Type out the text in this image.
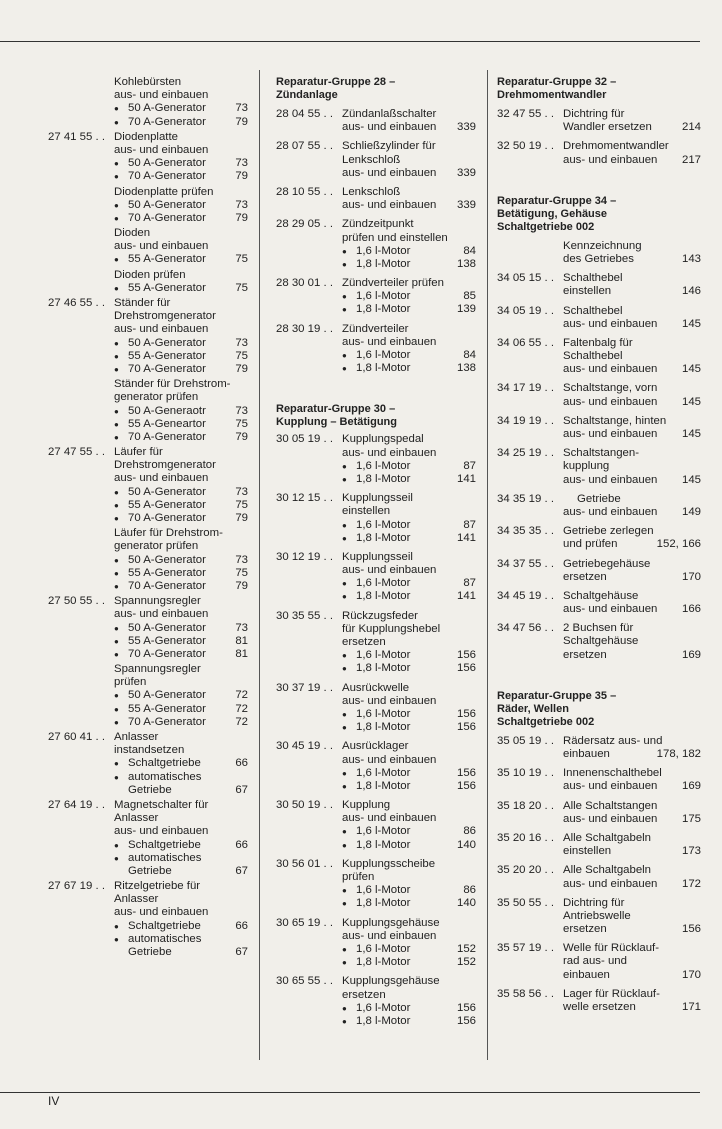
Kohlebürsten
aus- und einbauen
● 50 A-Generator	73
● 70 A-Generator	79
27 41 55 . . Diodenplatte
aus- und einbauen
● 50 A-Generator	73
● 70 A-Generator	79
Diodenplatte prüfen
● 50 A-Generator	73
● 70 A-Generator	79
Dioden
aus- und einbauen
● 55 A-Generator	75
Dioden prüfen
● 55 A-Generator	75
27 46 55 . . Ständer für
Drehstromgenerator
aus- und einbauen
● 50 A-Generator	73
● 55 A-Generator	75
● 70 A-Generator	79
Ständer für Drehstrom-
generator prüfen
● 50 A-Generaotr	73
● 55 A-Geneartor	75
● 70 A-Generator	79
27 47 55 . . Läufer für
Drehstromgenerator
aus- und einbauen
● 50 A-Generator	73
● 55 A-Generator	75
● 70 A-Generator	79
Läufer für Drehstrom-
generator prüfen
● 50 A-Generator	73
● 55 A-Generator	75
● 70 A-Generator	79
27 50 55 . . Spannungsregler
aus- und einbauen
● 50 A-Generator	73
● 55 A-Generator	81
● 70 A-Generator	81
Spannungsregler
prüfen
● 50 A-Generator	72
● 55 A-Generator	72
● 70 A-Generator	72
27 60 41 . . Anlasser
instandsetzen
● Schaltgetriebe	66
● automatisches
Getriebe	67
27 64 19 . . Magnetschalter für
Anlasser
aus- und einbauen
● Schaltgetriebe	66
● automatisches
Getriebe	67
27 67 19 . . Ritzelgetriebe für
Anlasser
aus- und einbauen
● Schaltgetriebe	66
● automatisches
Getriebe	67
Reparatur-Gruppe 28 –
Zündanlage
28 04 55 . . Zündanlaßschalter
aus- und einbauen 339
28 07 55 . . Schließzylinder für
Lenkschloß
aus- und einbauen 339
28 10 55 . . Lenkschloß
aus- und einbauen 339
28 29 05 . . Zündzeitpunkt
prüfen und einstellen
● 1,6 l-Motor	84
● 1,8 l-Motor	138
28 30 01 . . Zündverteiler prüfen
● 1,6 l-Motor	85
● 1,8 l-Motor	139
28 30 19 . . Zündverteiler
aus- und einbauen
● 1,6 l-Motor	84
● 1,8 l-Motor	138
Reparatur-Gruppe 30 –
Kupplung – Betätigung
30 05 19 . . Kupplungspedal
aus- und einbauen
● 1,6 l-Motor	87
● 1,8 l-Motor	141
30 12 15 . . Kupplungsseil
einstellen
● 1,6 l-Motor	87
● 1,8 l-Motor	141
30 12 19 . . Kupplungsseil
aus- und einbauen
● 1,6 l-Motor	87
● 1,8 l-Motor	141
30 35 55 . . Rückzugsfeder
für Kupplungshebel
ersetzen
● 1,6 l-Motor	156
● 1,8 l-Motor	156
30 37 19 . . Ausrückwelle
aus- und einbauen
● 1,6 l-Motor	156
● 1,8 l-Motor	156
30 45 19 . . Ausrücklager
aus- und einbauen
● 1,6 l-Motor	156
● 1,8 l-Motor	156
30 50 19 . . Kupplung
aus- und einbauen
● 1,6 l-Motor	86
● 1,8 l-Motor	140
30 56 01 . . Kupplungsscheibe
prüfen
● 1,6 l-Motor	86
● 1,8 l-Motor	140
30 65 19 . . Kupplungsgehäuse
aus- und einbauen
● 1,6 l-Motor	152
● 1,8 l-Motor	152
30 65 55 . . Kupplungsgehäuse
ersetzen
● 1,6 l-Motor	156
● 1,8 l-Motor	156
Reparatur-Gruppe 32 –
Drehmomentwandler
32 47 55 . . Dichtring für
Wandler ersetzen	214
32 50 19 . . Drehmomentwandler
aus- und einbauen 217
Reparatur-Gruppe 34 –
Betätigung, Gehäuse
Schaltgetriebe 002
Kennzeichnung
des Getriebes	143
34 05 15 . . Schalthebel
einstellen	146
34 05 19 . . Schalthebel
aus- und einbauen 145
34 06 55 . . Faltenbalg für
Schalthebel
aus- und einbauen 145
34 17 19 . . Schaltstange, vorn
aus- und einbauen 145
34 19 19 . . Schaltstange, hinten
aus- und einbauen 145
34 25 19 . . Schaltstangen-
kupplung
aus- und einbauen 145
34 35 19 . .	Getriebe
aus- und einbauen 149
34 35 35 . . Getriebe zerlegen
und prüfen	152, 166
34 37 55 . . Getriebegehäuse
ersetzen	170
34 45 19 . . Schaltgehäuse
aus- und einbauen 166
34 47 56 . . 2 Buchsen für
Schaltgehäuse
ersetzen	169
Reparatur-Gruppe 35 –
Räder, Wellen
Schaltgetriebe 002
35 05 19 . . Rädersatz aus- und
einbauen	178, 182
35 10 19 . . Innenenschalthebel
aus- und einbauen 169
35 18 20 . . Alle Schaltstangen
aus- und einbauen 175
35 20 16 . . Alle Schaltgabeln
einstellen	173
35 20 20 . . Alle Schaltgabeln
aus- und einbauen 172
35 50 55 . . Dichtring für
Antriebswelle
ersetzen	156
35 57 19 . . Welle für Rücklauf-
rad aus- und
einbauen	170
35 58 56 . . Lager für Rücklauf-
welle ersetzen	171
IV
